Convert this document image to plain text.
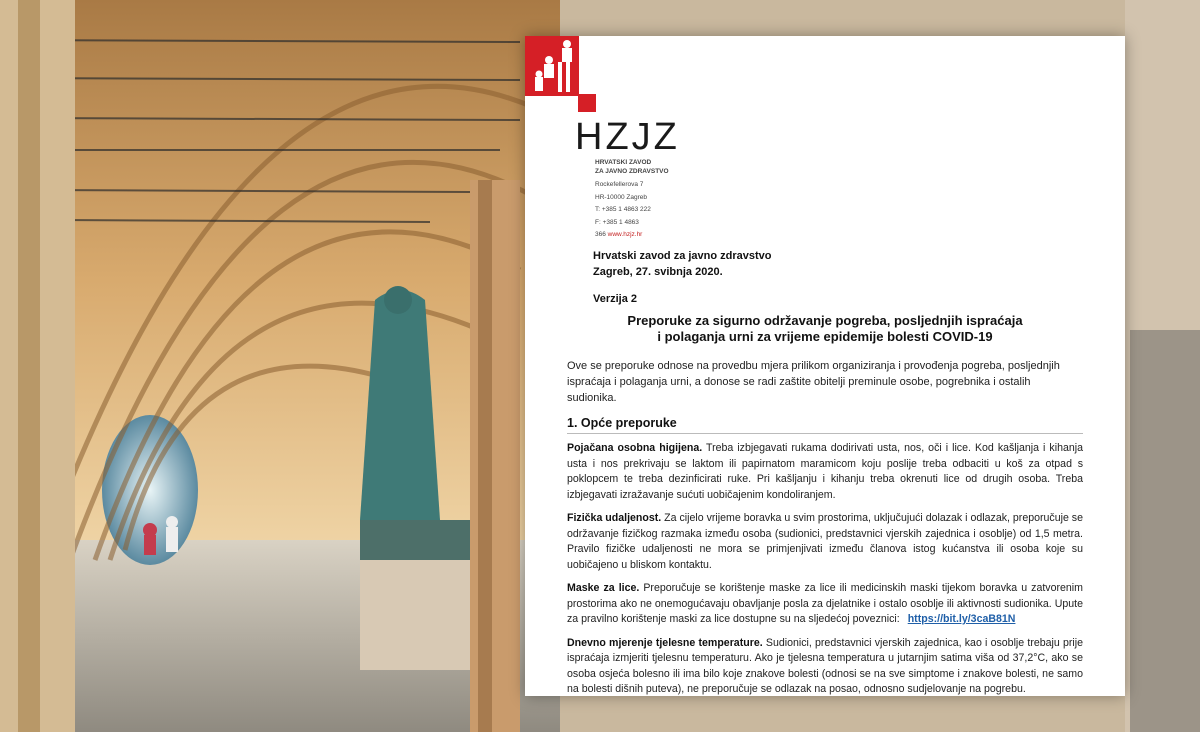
HZJZ
HRVATSKI ZAVOD
ZA JAVNO ZDRAVSTVO
Rockefellerova 7
HR-10000 Zagreb
T: +385 1 4863 222
F: +385 1 4863
366 www.hzjz.hr
Hrvatski zavod za javno zdravstvo
Zagreb, 27. svibnja 2020.
Verzija 2
Preporuke za sigurno održavanje pogreba, posljednjih ispraćaja
i polaganja urni za vrijeme epidemije bolesti COVID-19
Ove se preporuke odnose na provedbu mjera prilikom organiziranja i provođenja pogreba, posljednjih ispraćaja i polaganja urni, a donose se radi zaštite obitelji preminule osobe, pogrebnika i ostalih sudionika.
1. Opće preporuke

Pojačana osobna higijena. Treba izbjegavati rukama dodirivati usta, nos, oči i lice. Kod kašljanja i kihanja usta i nos prekrivaju se laktom ili papirnatom maramicom koju poslije treba odbaciti u koš za otpad s poklopcem te treba dezinficirati ruke. Pri kašljanju i kihanju treba okrenuti lice od drugih osoba. Treba izbjegavati izražavanje sućuti uobičajenim kondoliranjem.

Fizička udaljenost. Za cijelo vrijeme boravka u svim prostorima, uključujući dolazak i odlazak, preporučuje se održavanje fizičkog razmaka između osoba (sudionici, predstavnici vjerskih zajednica i osoblje) od 1,5 metra. Pravilo fizičke udaljenosti ne mora se primjenjivati između članova istog kućanstva ili osoba koje su uobičajeno u bliskom kontaktu.

Maske za lice. Preporučuje se korištenje maske za lice ili medicinskih maski tijekom boravka u zatvorenim prostorima ako ne onemogućavaju obavljanje posla za djelatnike i ostalo osoblje ili aktivnosti sudionika. Upute za pravilno korištenje maski za lice dostupne su na sljedećoj poveznici: https://bit.ly/3caB81N

Dnevno mjerenje tjelesne temperature. Sudionici, predstavnici vjerskih zajednica, kao i osoblje trebaju prije ispraćaja izmjeriti tjelesnu temperaturu. Ako je tjelesna temperatura u jutarnjim satima viša od 37,2°C, ako se osoba osjeća bolesno ili ima bilo koje znakove bolesti (odnosi se na sve simptome i znakove bolesti, ne samo na bolesti dišnih puteva), ne preporučuje se odlazak na posao, odnosno sudjelovanje na pogrebu.
